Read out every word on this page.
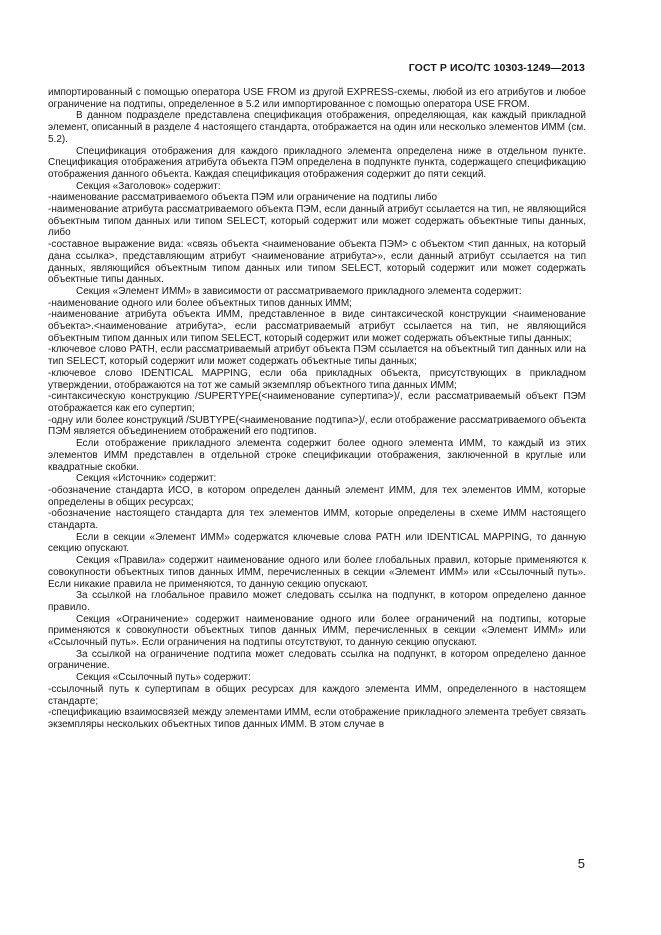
ГОСТ Р ИСО/ТС 10303-1249—2013

импортированный с помощью оператора USE FROM из другой EXPRESS-схемы, любой из его атрибутов и любое ограничение на подтипы, определенное в 5.2 или импортированное с помощью оператора USE FROM.

В данном подразделе представлена спецификация отображения, определяющая, как каждый прикладной элемент, описанный в разделе 4 настоящего стандарта, отображается на один или несколько элементов ИММ (см. 5.2).

Спецификация отображения для каждого прикладного элемента определена ниже в отдельном пункте. Спецификация отображения атрибута объекта ПЭМ определена в подпункте пункта, содержащего спецификацию отображения данного объекта. Каждая спецификация отображения содержит до пяти секций.

Секция «Заголовок» содержит:

-наименование рассматриваемого объекта ПЭМ или ограничение на подтипы либо

-наименование атрибута рассматриваемого объекта ПЭМ, если данный атрибут ссылается на тип, не являющийся объектным типом данных или типом SELECT, который содержит или может содержать объектные типы данных, либо

-составное выражение вида: «связь объекта <наименование объекта ПЭМ> с объектом <тип данных, на который дана ссылка>, представляющим атрибут <наименование атрибута>», если данный атрибут ссылается на тип данных, являющийся объектным типом данных или типом SELECT, который содержит или может содержать объектные типы данных.

Секция «Элемент ИММ» в зависимости от рассматриваемого прикладного элемента содержит:

-наименование одного или более объектных типов данных ИММ;

-наименование атрибута объекта ИММ, представленное в виде синтаксической конструкции <наименование объекта>.<наименование атрибута>, если рассматриваемый атрибут ссылается на тип, не являющийся объектным типом данных или типом SELECT, который содержит или может содержать объектные типы данных;

-ключевое слово PATH, если рассматриваемый атрибут объекта ПЭМ ссылается на объектный тип данных или на тип SELECT, который содержит или может содержать объектные типы данных;

-ключевое слово IDENTICAL MAPPING, если оба прикладных объекта, присутствующих в прикладном утверждении, отображаются на тот же самый экземпляр объектного типа данных ИММ;

-синтаксическую конструкцию /SUPERTYPE(<наименование супертипа>)/, если рассматриваемый объект ПЭМ отображается как его супертип;

-одну или более конструкций /SUBTYPE(<наименование подтипа>)/, если отображение рассматриваемого объекта ПЭМ является объединением отображений его подтипов.

Если отображение прикладного элемента содержит более одного элемента ИММ, то каждый из этих элементов ИММ представлен в отдельной строке спецификации отображения, заключенной в круглые или квадратные скобки.

Секция «Источник» содержит:

-обозначение стандарта ИСО, в котором определен данный элемент ИММ, для тех элементов ИММ, которые определены в общих ресурсах;

-обозначение настоящего стандарта для тех элементов ИММ, которые определены в схеме ИММ настоящего стандарта.

Если в секции «Элемент ИММ» содержатся ключевые слова PATH или IDENTICAL MAPPING, то данную секцию опускают.

Секция «Правила» содержит наименование одного или более глобальных правил, которые применяются к совокупности объектных типов данных ИММ, перечисленных в секции «Элемент ИММ» или «Ссылочный путь». Если никакие правила не применяются, то данную секцию опускают.

За ссылкой на глобальное правило может следовать ссылка на подпункт, в котором определено данное правило.

Секция «Ограничение» содержит наименование одного или более ограничений на подтипы, которые применяются к совокупности объектных типов данных ИММ, перечисленных в секции «Элемент ИММ» или «Ссылочный путь». Если ограничения на подтипы отсутствуют, то данную секцию опускают.

За ссылкой на ограничение подтипа может следовать ссылка на подпункт, в котором определено данное ограничение.

Секция «Ссылочный путь» содержит:

-ссылочный путь к супертипам в общих ресурсах для каждого элемента ИММ, определенного в настоящем стандарте;

-спецификацию взаимосвязей между элементами ИММ, если отображение прикладного элемента требует связать экземпляры нескольких объектных типов данных ИММ. В этом случае в

5
